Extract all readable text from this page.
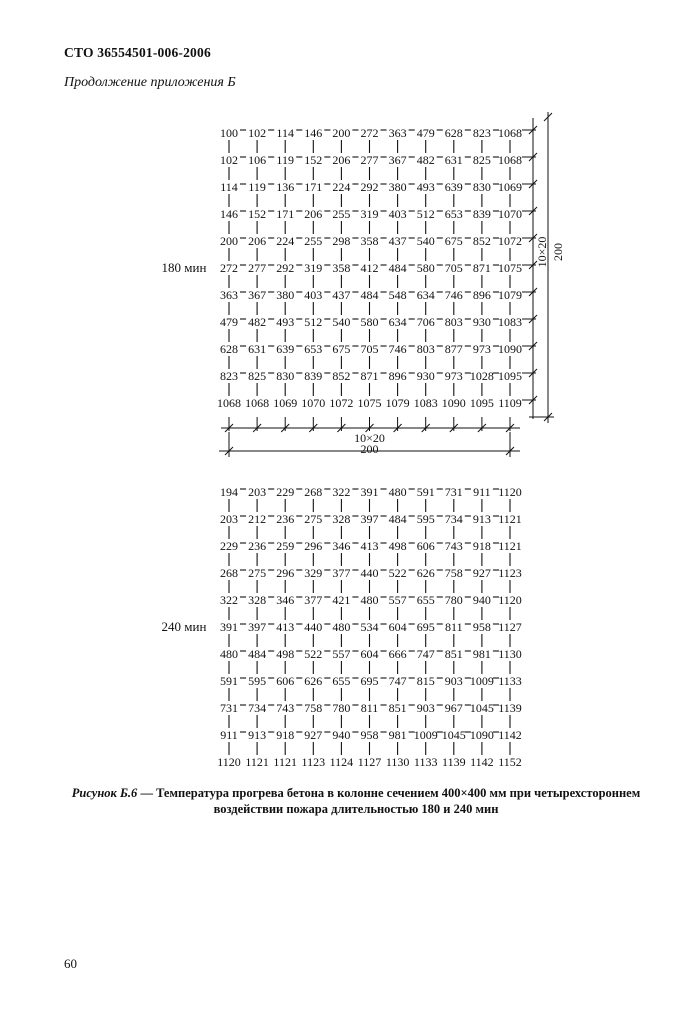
СТО 36554501-006-2006
Продолжение приложения Б
100 102 114 146 200 272 363 479 628 823 1068
102 106 119 152 206 277 367 482 631 825 1068
114 119 136 171 224 292 380 493 639 830 1069
146 152 171 206 255 319 403 512 653 839 1070
200 206 224 255 298 358 437 540 675 852 1072
272 277 292 319 358 412 484 580 705 871 1075
363 367 380 403 437 484 548 634 746 896 1079
479 482 493 512 540 580 634 706 803 930 1083
628 631 639 653 675 705 746 803 877 973 1090
823 825 830 839 852 871 896 930 973 1028 1095
1068 1068 1069 1070 1072 1075 1079 1083 1090 1095 1109
180 мин
10×20 200
10×20
200
194 203 229 268 322 391 480 591 731 911 1120
203 212 236 275 328 397 484 595 734 913 1121
229 236 259 296 346 413 498 606 743 918 1121
268 275 296 329 377 440 522 626 758 927 1123
322 328 346 377 421 480 557 655 780 940 1120
391 397 413 440 480 534 604 695 811 958 1127
480 484 498 522 557 604 666 747 851 981 1130
591 595 606 626 655 695 747 815 903 1009 1133
731 734 743 758 780 811 851 903 967 1045 1139
911 913 918 927 940 958 981 1009 1045 1090 1142
1120 1121 1121 1123 1124 1127 1130 1133 1139 1142 1152
240 мин
Рисунок Б.6 — Температура прогрева бетона в колонне сечением 400×400 мм при четырехстороннем воздействии пожара длительностью 180 и 240 мин
60
